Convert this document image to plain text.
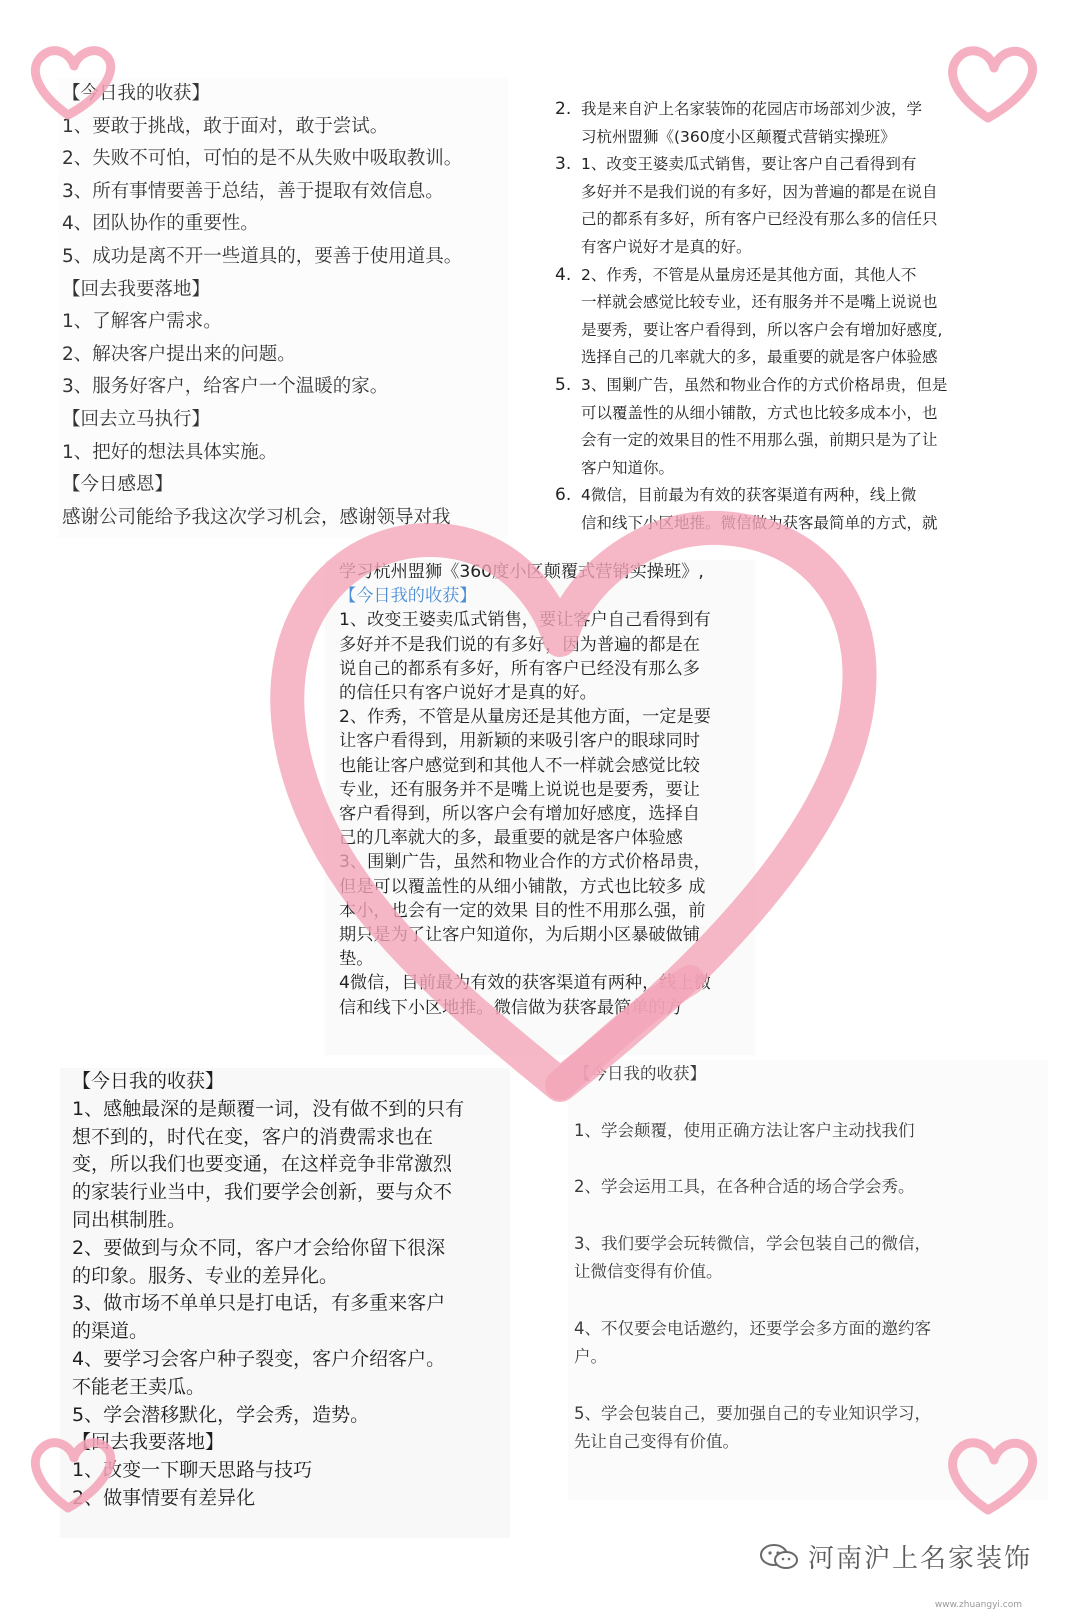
【今日我的收获】
1、要敢于挑战，敢于面对，敢于尝试。
2、失败不可怕，可怕的是不从失败中吸取教训。
3、所有事情要善于总结，善于提取有效信息。
4、团队协作的重要性。
5、成功是离不开一些道具的，要善于使用道具。
【回去我要落地】
1、了解客户需求。
2、解决客户提出来的问题。
3、服务好客户，给客户一个温暖的家。
【回去立马执行】
1、把好的想法具体实施。
【今日感恩】
感谢公司能给予我这次学习机会，感谢领导对我
2. 我是来自沪上名家装饰的花园店市场部刘少波，学
习杭州盟狮《(360度小区颠覆式营销实操班》
3. 1、改变王婆卖瓜式销售，要让客户自己看得到有
多好并不是我们说的有多好，因为普遍的都是在说自
己的都系有多好，所有客户已经没有那么多的信任只
有客户说好才是真的好。
4. 2、作秀，不管是从量房还是其他方面，其他人不
一样就会感觉比较专业，还有服务并不是嘴上说说也
是要秀，要让客户看得到，所以客户会有增加好感度,
选择自己的几率就大的多，最重要的就是客户体验感
5. 3、围剿广告，虽然和物业合作的方式价格昂贵，但是
可以覆盖性的从细小铺散，方式也比较多成本小，也
会有一定的效果目的性不用那么强，前期只是为了让
客户知道你。
6. 4微信，目前最为有效的获客渠道有两种，线上微
信和线下小区地推。微信做为获客最简单的方式，就
学习杭州盟狮《360度小区颠覆式营销实操班》,
【今日我的收获】
1、改变王婆卖瓜式销售，要让客户自己看得到有
多好并不是我们说的有多好，因为普遍的都是在
说自己的都系有多好，所有客户已经没有那么多
的信任只有客户说好才是真的好。
2、作秀，不管是从量房还是其他方面，一定是要
让客户看得到，用新颖的来吸引客户的眼球同时
也能让客户感觉到和其他人不一样就会感觉比较
专业，还有服务并不是嘴上说说也是要秀，要让
客户看得到，所以客户会有增加好感度，选择自
己的几率就大的多，最重要的就是客户体验感
3、围剿广告，虽然和物业合作的方式价格昂贵，
但是可以覆盖性的从细小铺散，方式也比较多 成
本小，也会有一定的效果 目的性不用那么强，前
期只是为了让客户知道你，为后期小区暴破做铺
垫。
4微信，目前最为有效的获客渠道有两种，线上微
信和线下小区地推。微信做为获客最简单的方
【今日我的收获】
1、感触最深的是颠覆一词，没有做不到的只有
想不到的，时代在变，客户的消费需求也在
变，所以我们也要变通，在这样竞争非常激烈
的家装行业当中，我们要学会创新，要与众不
同出棋制胜。
2、要做到与众不同，客户才会给你留下很深
的印象。服务、专业的差异化。
3、做市场不单单只是打电话，有多重来客户
的渠道。
4、要学习会客户种子裂变，客户介绍客户。
不能老王卖瓜。
5、学会潜移默化，学会秀，造势。
【回去我要落地】
1、改变一下聊天思路与技巧
2、做事情要有差异化
【今日我的收获】
1、学会颠覆，使用正确方法让客户主动找我们
2、学会运用工具，在各种合适的场合学会秀。
3、我们要学会玩转微信，学会包装自己的微信，
让微信变得有价值。
4、不仅要会电话邀约，还要学会多方面的邀约客
户。
5、学会包装自己，要加强自己的专业知识学习，
先让自己变得有价值。
河南沪上名家装饰
www.zhuangyi.com
